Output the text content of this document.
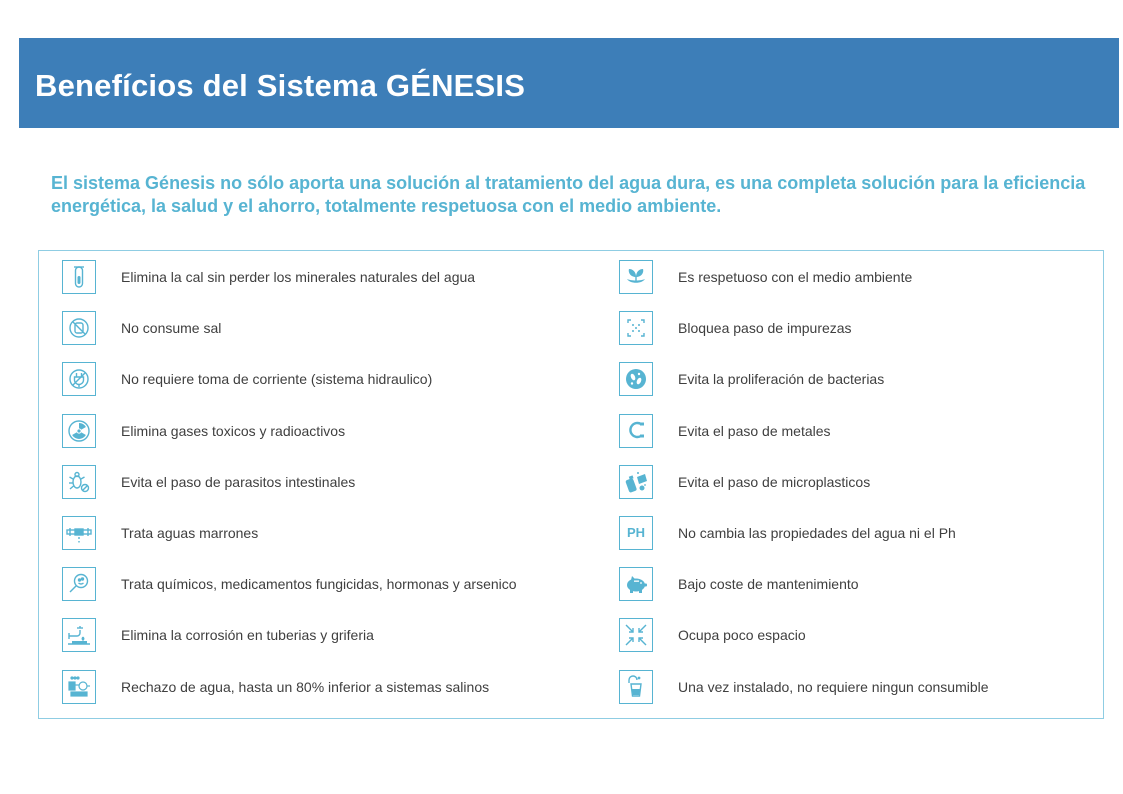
Benefícios del Sistema GÉNESIS

El sistema Génesis no sólo aporta una solución al tratamiento del agua dura, es una completa solución para la eficiencia energética, la salud y el ahorro, totalmente respetuosa con el medio ambiente.

Elimina la cal sin perder los minerales naturales del agua
No consume sal
No requiere toma de corriente (sistema hidraulico)
Elimina gases toxicos y radioactivos
Evita el paso de parasitos intestinales
Trata aguas marrones
Trata químicos, medicamentos fungicidas, hormonas y arsenico
Elimina la corrosión en tuberias y griferia
Rechazo de agua, hasta un 80% inferior a sistemas salinos
Es respetuoso con el medio ambiente
Bloquea paso de impurezas
Evita la proliferación de bacterias
Evita el paso de metales
Evita el paso de microplasticos
PH	No cambia las propiedades del agua ni el Ph
Bajo coste de mantenimiento
Ocupa poco espacio
Una vez instalado, no requiere ningun consumible
